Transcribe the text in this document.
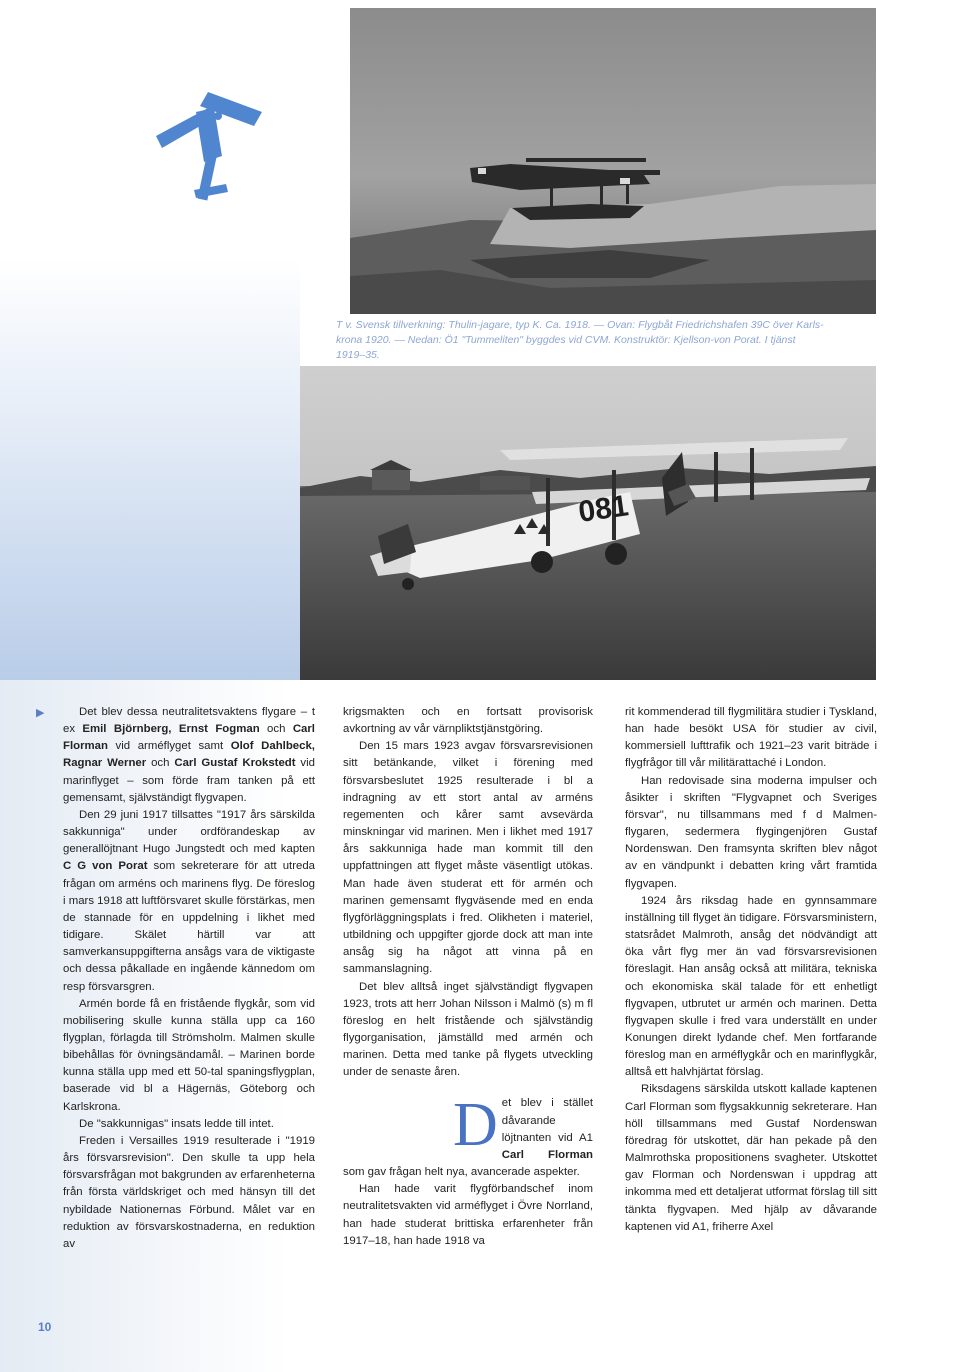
T v. Svensk tillverkning: Thulin-jagare, typ K. Ca. 1918. — Ovan: Flygbåt Friedrichshafen 39C över Karls-

krona 1920. — Nedan: Ö1 "Tummeliten" byggdes vid CVM. Konstruktör: Kjellson-von Porat. I tjänst

1919–35.

081
▶	Det blev dessa neutralitetsvaktens flygare – t ex Emil Björnberg, Ernst Fogman och Carl Florman vid arméflyget samt Olof Dahlbeck, Ragnar Werner och Carl Gustaf Krokstedt vid marinflyget – som förde fram tanken på ett gemensamt, självständigt flygvapen.

Den 29 juni 1917 tillsattes "1917 års särskilda sakkunniga" under ordförandeskap av generallöjtnant Hugo Jungstedt och med kapten C G von Porat som sekreterare för att utreda frågan om arméns och marinens flyg. De föreslog i mars 1918 att luftförsvaret skulle förstärkas, men de stannade för en uppdelning i likhet med tidigare. Skälet härtill var att samverkansuppgifterna ansågs vara de viktigaste och dessa påkallade en ingående kännedom om resp försvarsgren.

Armén borde få en fristående flygkår, som vid mobilisering skulle kunna ställa upp ca 160 flygplan, förlagda till Strömsholm. Malmen skulle bibehållas för övningsändamål. – Marinen borde kunna ställa upp med ett 50-tal spaningsflygplan, baserade vid bl a Hägernäs, Göteborg och Karlskrona.

De "sakkunnigas" insats ledde till intet.

Freden i Versailles 1919 resulterade i "1919 års försvarsrevision". Den skulle ta upp hela försvarsfrågan mot bakgrunden av erfarenheterna från första världskriget och med hänsyn till det nybildade Nationernas Förbund. Målet var en reduktion av försvarskostnaderna, en reduktion av

krigsmakten och en fortsatt provisorisk avkortning av vår värnpliktstjänstgöring.

Den 15 mars 1923 avgav försvarsrevisionen sitt betänkande, vilket i förening med försvarsbeslutet 1925 resulterade i bl a indragning av ett stort antal av arméns regementen och kårer samt avsevärda minskningar vid marinen. Men i likhet med 1917 års sakkunniga hade man kommit till den uppfattningen att flyget måste väsentligt utökas. Man hade även studerat ett för armén och marinen gemensamt flygväsende med en enda flygförläggningsplats i fred. Olikheten i materiel, utbildning och uppgifter gjorde dock att man inte ansåg sig ha något att vinna på en sammanslagning.

Det blev alltså inget självständigt flygvapen 1923, trots att herr Johan Nilsson i Malmö (s) m fl föreslog en helt fristående och självständig flygorganisation, jämställd med armén och marinen. Detta med tanke på flygets utveckling under de senaste åren.

D et blev i stället dåvarande löjtnanten vid A1 Carl Florman som gav frågan helt nya, avancerade aspekter.

Han hade varit flygförbandschef inom neutralitetsvakten vid arméflyget i Övre Norrland, han hade studerat brittiska erfarenheter från 1917–18, han hade 1918 va

rit kommenderad till flygmilitära studier i Tyskland, han hade besökt USA för studier av civil, kommersiell lufttrafik och 1921–23 varit biträde i flygfrågor till vår militärattaché i London.

Han redovisade sina moderna impulser och åsikter i skriften "Flygvapnet och Sveriges försvar", nu tillsammans med f d Malmen-flygaren, sedermera flygingenjören Gustaf Nordenswan. Den framsynta skriften blev något av en vändpunkt i debatten kring vårt framtida flygvapen.

1924 års riksdag hade en gynnsammare inställning till flyget än tidigare. Försvarsministern, statsrådet Malmroth, ansåg det nödvändigt att öka vårt flyg mer än vad försvarsrevisionen föreslagit. Han ansåg också att militära, tekniska och ekonomiska skäl talade för ett enhetligt flygvapen, utbrutet ur armén och marinen. Detta flygvapen skulle i fred vara underställt en under Konungen direkt lydande chef. Men fortfarande föreslog man en arméflygkår och en marinflygkår, alltså ett halvhjärtat förslag.

Riksdagens särskilda utskott kallade kaptenen Carl Florman som flygsakkunnig sekreterare. Han höll tillsammans med Gustaf Nordenswan föredrag för utskottet, där han pekade på den Malmrothska propositionens svagheter. Utskottet gav Florman och Nordenswan i uppdrag att inkomma med ett detaljerat utformat förslag till sitt tänkta flygvapen. Med hjälp av dåvarande kaptenen vid A1, friherre Axel

10
